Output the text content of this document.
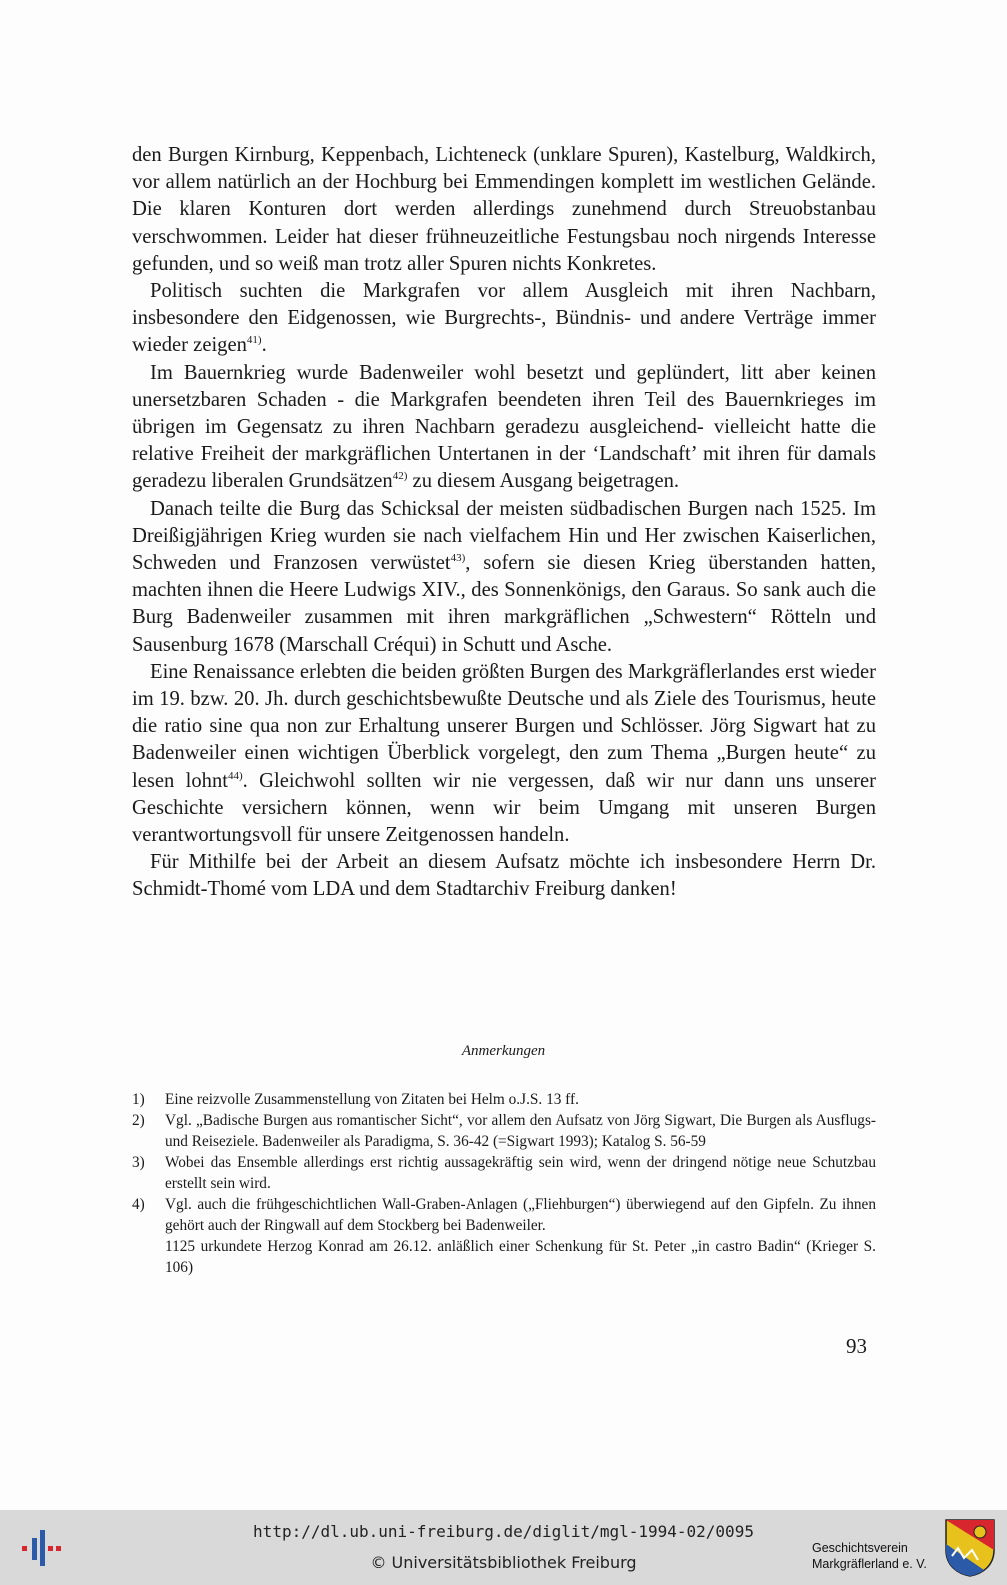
den Burgen Kirnburg, Keppenbach, Lichteneck (unklare Spuren), Kastelburg, Waldkirch, vor allem natürlich an der Hochburg bei Emmendingen komplett im westlichen Gelände. Die klaren Konturen dort werden allerdings zunehmend durch Streuobstanbau verschwommen. Leider hat dieser frühneuzeitliche Festungsbau noch nirgends Interesse gefunden, und so weiß man trotz aller Spuren nichts Konkretes.

Politisch suchten die Markgrafen vor allem Ausgleich mit ihren Nachbarn, insbesondere den Eidgenossen, wie Burgrechts-, Bündnis- und andere Verträge immer wieder zeigen$^{41)}$.

Im Bauernkrieg wurde Badenweiler wohl besetzt und geplündert, litt aber keinen unersetzbaren Schaden - die Markgrafen beendeten ihren Teil des Bauernkrieges im übrigen im Gegensatz zu ihren Nachbarn geradezu ausgleichend- vielleicht hatte die relative Freiheit der markgräflichen Untertanen in der ‘Landschaft’ mit ihren für damals geradezu liberalen Grundsätzen$^{42)}$ zu diesem Ausgang beigetragen.

Danach teilte die Burg das Schicksal der meisten südbadischen Burgen nach 1525. Im Dreißigjährigen Krieg wurden sie nach vielfachem Hin und Her zwischen Kaiserlichen, Schweden und Franzosen verwüstet$^{43)}$, sofern sie diesen Krieg überstanden hatten, machten ihnen die Heere Ludwigs XIV., des Sonnenkönigs, den Garaus. So sank auch die Burg Badenweiler zusammen mit ihren markgräflichen „Schwestern“ Rötteln und Sausenburg 1678 (Marschall Créqui) in Schutt und Asche.

Eine Renaissance erlebten die beiden größten Burgen des Markgräflerlandes erst wieder im 19. bzw. 20. Jh. durch geschichtsbewußte Deutsche und als Ziele des Tourismus, heute die ratio sine qua non zur Erhaltung unserer Burgen und Schlösser. Jörg Sigwart hat zu Badenweiler einen wichtigen Überblick vorgelegt, den zum Thema „Burgen heute“ zu lesen lohnt$^{44)}$. Gleichwohl sollten wir nie vergessen, daß wir nur dann uns unserer Geschichte versichern können, wenn wir beim Umgang mit unseren Burgen verantwortungsvoll für unsere Zeitgenossen handeln.

Für Mithilfe bei der Arbeit an diesem Aufsatz möchte ich insbesondere Herrn Dr. Schmidt-Thomé vom LDA und dem Stadtarchiv Freiburg danken!

Anmerkungen
1)	Eine reizvolle Zusammenstellung von Zitaten bei Helm o.J.S. 13 ff.
2)	Vgl. „Badische Burgen aus romantischer Sicht“, vor allem den Aufsatz von Jörg Sigwart, Die Burgen als Ausflugs- und Reiseziele. Badenweiler als Paradigma, S. 36-42 (=Sigwart 1993); Katalog S. 56-59
3)	Wobei das Ensemble allerdings erst richtig aussagekräftig sein wird, wenn der dringend nötige neue Schutzbau erstellt sein wird.
4)	Vgl. auch die frühgeschichtlichen Wall-Graben-Anlagen („Fliehburgen“) überwiegend auf den Gipfeln. Zu ihnen gehört auch der Ringwall auf dem Stockberg bei Badenweiler.
1125 urkundete Herzog Konrad am 26.12. anläßlich einer Schenkung für St. Peter „in castro Badin“ (Krieger S. 106)
93
http://dl.ub.uni-freiburg.de/diglit/mgl-1994-02/0095
© Universitätsbibliothek Freiburg
Geschichtsverein
Markgräflerland e. V.
